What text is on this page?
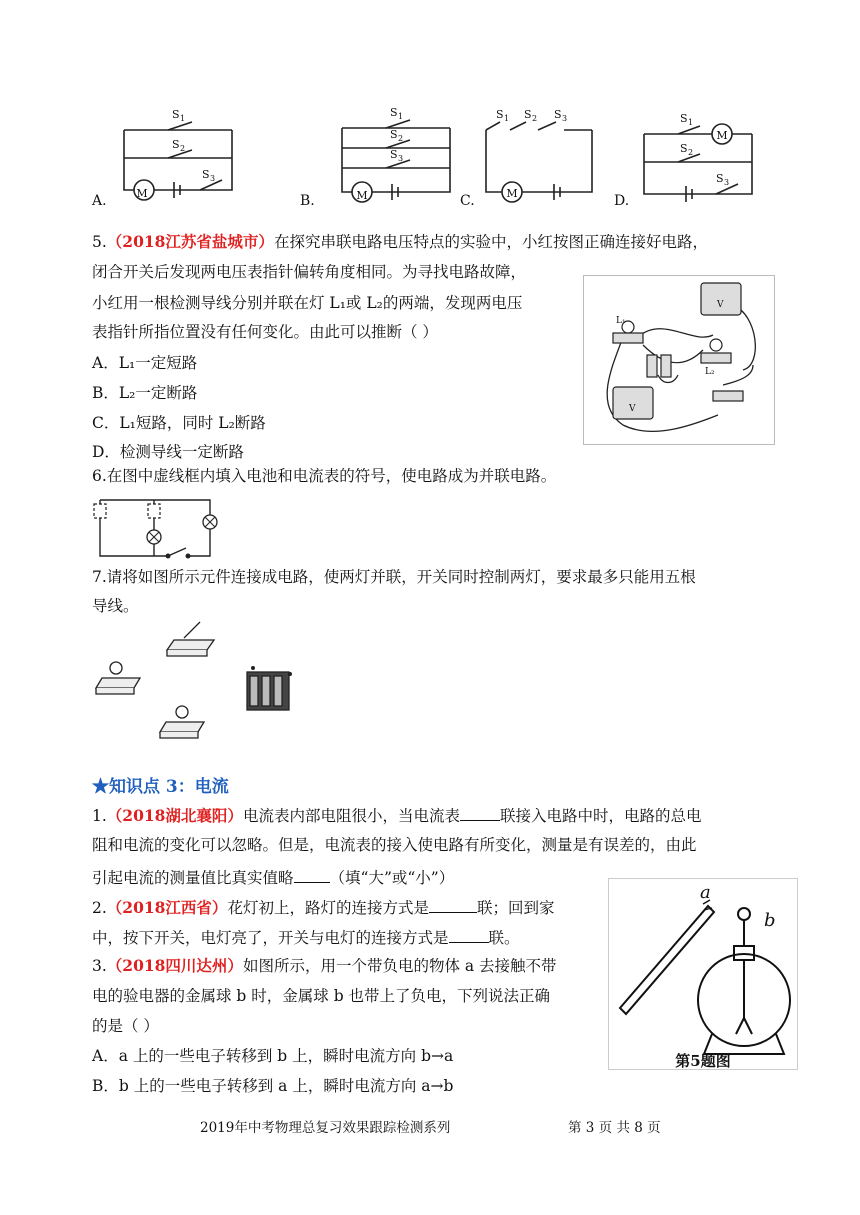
M	M	M
M
S 1
S 2
S 3
S 1
S 2
S 3
S 1 S 2 S 3	S 1
S 2
S 3
A.	B.	C.	D.
5.（2018江苏省盐城市）在探究串联电路电压特点的实验中，小红按图正确连接好电路，
闭合开关后发现两电压表指针偏转角度相同。为寻找电路故障，
小红用一根检测导线分别并联在灯 L₁或 L₂的两端，发现两电压
表指针所指位置没有任何变化。由此可以推断（ ）
A．L₁一定短路
B．L₂一定断路
C．L₁短路，同时 L₂断路
D．检测导线一定断路
L₁
L₂
V
V
6.在图中虚线框内填入电池和电流表的符号，使电路成为并联电路。
7.请将如图所示元件连接成电路，使两灯并联，开关同时控制两灯，要求最多只能用五根
导线。
★知识点 3：电流
1.（2018湖北襄阳）电流表内部电阻很小，当电流表	联接入电路中时，电路的总电
阻和电流的变化可以忽略。但是，电流表的接入使电路有所变化，测量是有误差的，由此
引起电流的测量值比真实值略 （填“大”或“小”）
2.（2018江西省）花灯初上，路灯的连接方式是	联；回到家
中，按下开关，电灯亮了，开关与电灯的连接方式是	联。
3.（2018四川达州）如图所示，用一个带负电的物体 a 去接触不带
电的验电器的金属球 b 时，金属球 b 也带上了负电，下列说法正确
的是（ ）
A．a 上的一些电子转移到 b 上，瞬时电流方向 b→a
B．b 上的一些电子转移到 a 上，瞬时电流方向 a→b
a
b
第5题图
2019年中考物理总复习效果跟踪检测系列	第 3 页 共 8 页
